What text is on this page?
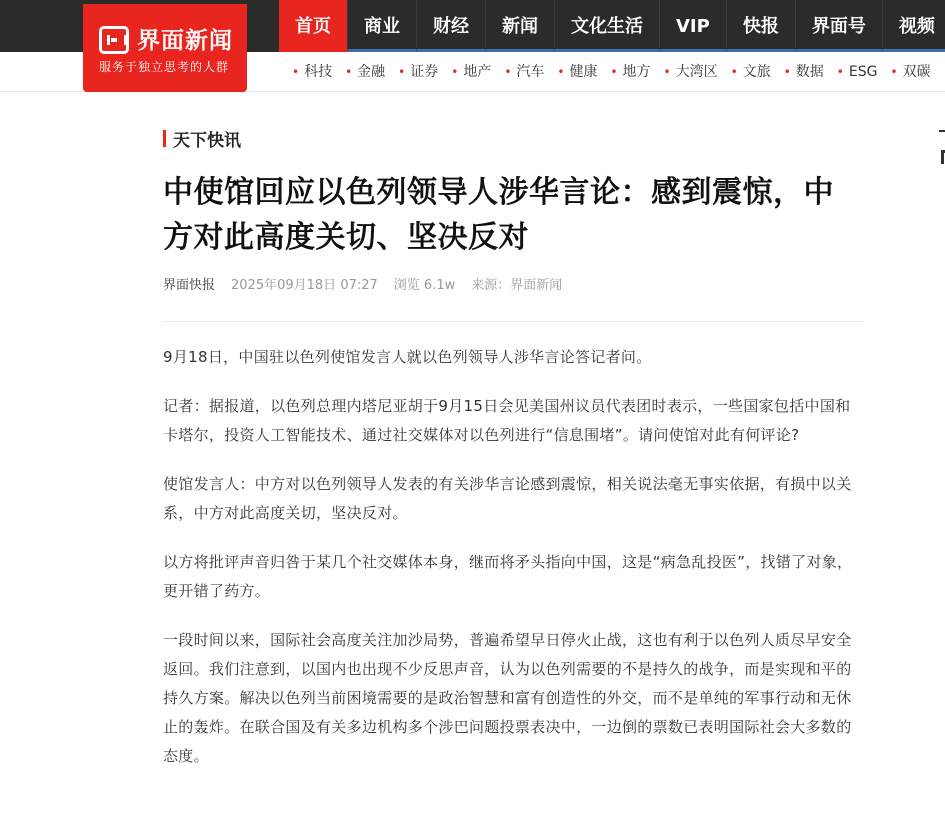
界面新闻
服务于独立思考的人群
首页	商业	财经	新闻	文化生活	VIP	快报	界面号	视频
• 科技	• 金融	• 证券	• 地产	• 汽车	• 健康	• 地方	• 大湾区	• 文旅	• 数据	• ESG	• 双碳
天下快讯
中使馆回应以色列领导人涉华言论：感到震惊，中方对此高度关切、坚决反对
界面快报 2025年09月18日 07:27 浏览 6.1w 来源：界面新闻

9月18日，中国驻以色列使馆发言人就以色列领导人涉华言论答记者问。

记者：据报道，以色列总理内塔尼亚胡于9月15日会见美国州议员代表团时表示，一些国家包括中国和卡塔尔，投资人工智能技术、通过社交媒体对以色列进行“信息围堵”。请问使馆对此有何评论?

使馆发言人：中方对以色列领导人发表的有关涉华言论感到震惊，相关说法毫无事实依据，有损中以关系，中方对此高度关切，坚决反对。

以方将批评声音归咎于某几个社交媒体本身，继而将矛头指向中国，这是“病急乱投医”，找错了对象，更开错了药方。

一段时间以来，国际社会高度关注加沙局势，普遍希望早日停火止战，这也有利于以色列人质尽早安全返回。我们注意到，以国内也出现不少反思声音，认为以色列需要的不是持久的战争，而是实现和平的持久方案。解决以色列当前困境需要的是政治智慧和富有创造性的外交，而不是单纯的军事行动和无休止的轰炸。在联合国及有关多边机构多个涉巴问题投票表决中，一边倒的票数已表明国际社会大多数的态度。
